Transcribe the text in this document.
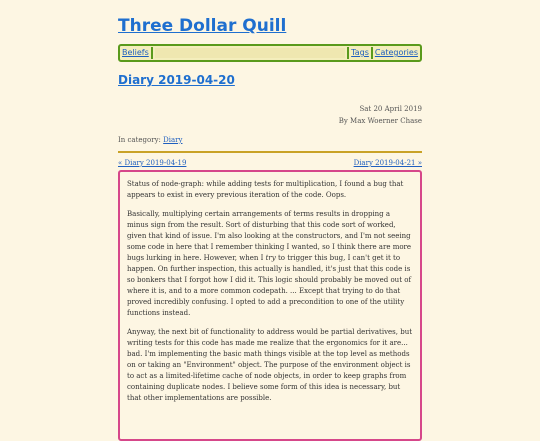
Three Dollar Quill
Beliefs	Tags Categories
Diary 2019-04-20
Sat 20 April 2019
By Max Woerner Chase
In category: Diary
« Diary 2019-04-19	Diary 2019-04-21 »

Status of node-graph: while adding tests for multiplication, I found a bug that appears to exist in every previous iteration of the code. Oops.

Basically, multiplying certain arrangements of terms results in dropping a minus sign from the result. Sort of disturbing that this code sort of worked, given that kind of issue. I'm also looking at the constructors, and I'm not seeing some code in here that I remember thinking I wanted, so I think there are more bugs lurking in here. However, when I try to trigger this bug, I can't get it to happen. On further inspection, this actually is handled, it's just that this code is so bonkers that I forgot how I did it. This logic should probably be moved out of where it is, and to a more common codepath. ... Except that trying to do that proved incredibly confusing. I opted to add a precondition to one of the utility functions instead.

Anyway, the next bit of functionality to address would be partial derivatives, but writing tests for this code has made me realize that the ergonomics for it are... bad. I'm implementing the basic math things visible at the top level as methods on or taking an "Environment" object. The purpose of the environment object is to act as a limited-lifetime cache of node objects, in order to keep graphs from containing duplicate nodes. I believe some form of this idea is necessary, but that other implementations are possible.
